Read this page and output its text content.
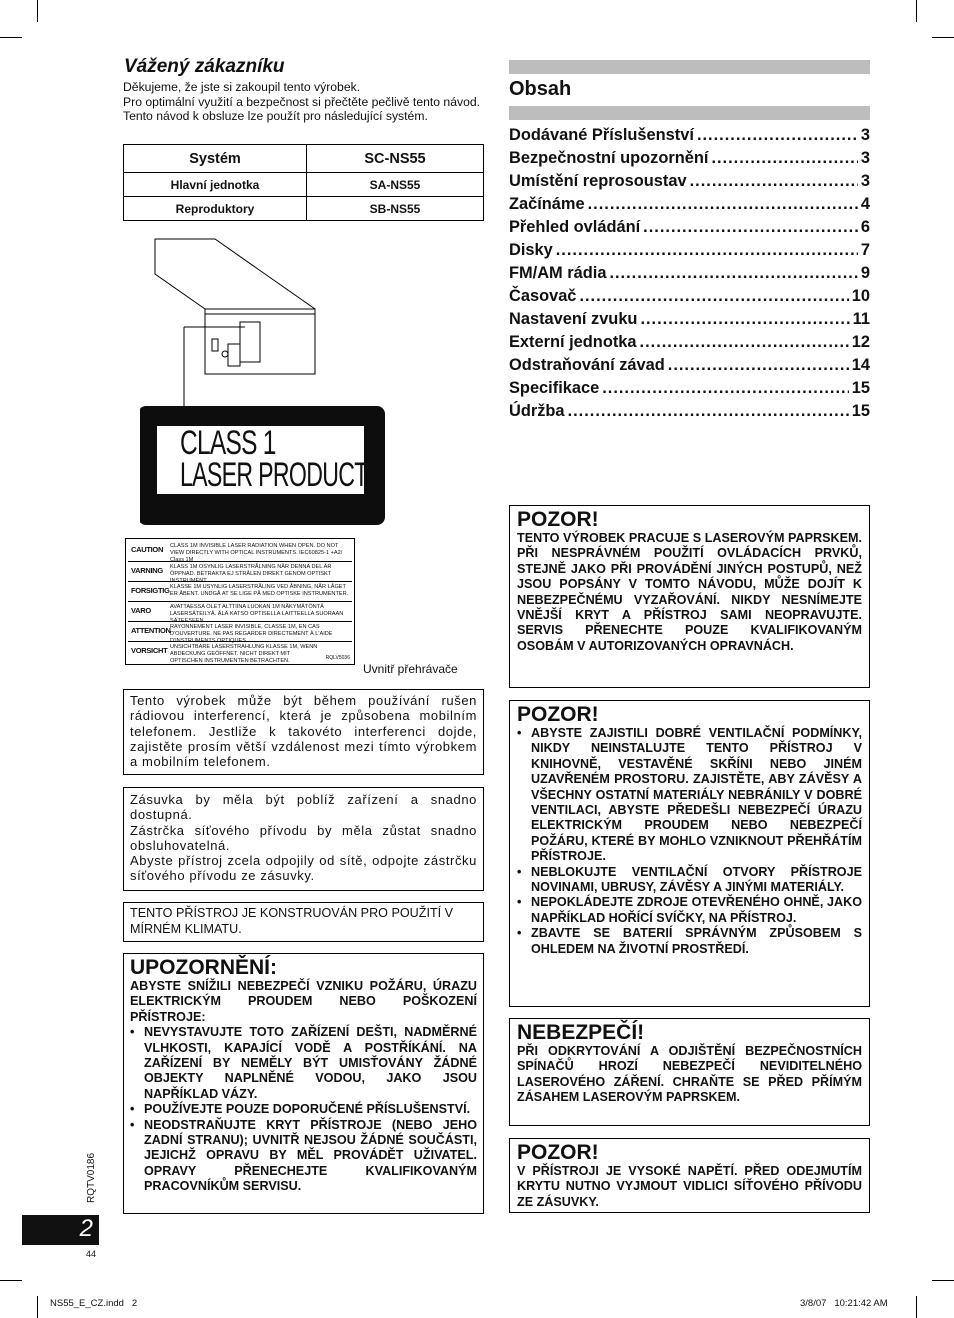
Vážený zákazníku

Děkujeme, že jste si zakoupil tento výrobek.

Pro optimální využití a bezpečnost si přečtěte pečlivě tento návod.

Tento návod k obsluze lze použít pro následující systém.

Systém	SC-NS55
Hlavní jednotka	SA-NS55
Reproduktory	SB-NS55
CLASS 1
LASER PRODUCT
CAUTION CLASS 1M INVISIBLE LASER RADIATION WHEN OPEN. DO NOT VIEW DIRECTLY WITH OPTICAL INSTRUMENTS. IEC60825-1 +A2/ Class 1M
VARNING KLASS 1M OSYNLIG LASERSTRÅLNING NÄR DENNA DEL ÄR ÖPPNAD. BETRAKTA EJ STRÅLEN DIREKT GENOM OPTISKT INSTRUMENT.
FORSIGTIG KLASSE 1M USYNLIG LASERSTRÅLING VED ÅBNING, NÅR LÅGET ER ÅBENT. UNDGÅ AT SE LIGE PÅ MED OPTISKE INSTRUMENTER.
VARO	AVATTAESSA OLET ALTTIINA LUOKAN 1M NÄKYMÄTÖNTÄ LASERSÄTEILYÄ. ÄLÄ KATSO OPTISELLA LAITTEELLA SUORAAN SÄTEESEEN.
ATTENTION RAYONNEMENT LASER INVISIBLE, CLASSE 1M, EN CAS D'OUVERTURE. NE PAS REGARDER DIRECTEMENT À L'AIDE D'INSTRUMENTS OPTIQUES.
VORSICHT UNSICHTBARE LASERSTRAHLUNG KLASSE 1M, WENN ABDECKUNG GEÖFFNET. NICHT DIREKT MIT OPTISCHEN INSTRUMENTEN BETRACHTEN.	RQLV5036
Uvnitř přehrávače

Tento výrobek může být během používání rušen rádiovou interferencí, která je způsobena mobilním telefonem. Jestliže k takovéto interferenci dojde, zajistěte prosím větší vzdálenost mezi tímto výrobkem a mobilním telefonem.

Zásuvka by měla být poblíž zařízení a snadno dostupná.

Zástrčka síťového přívodu by měla zůstat snadno obsluhovatelná.

Abyste přístroj zcela odpojily od sítě, odpojte zástrčku síťového přívodu ze zásuvky.

TENTO PŘÍSTROJ JE KONSTRUOVÁN PRO POUŽITÍ V MÍRNÉM KLIMATU.

UPOZORNĚNÍ:

ABYSTE SNÍŽILI NEBEZPEČÍ VZNIKU POŽÁRU, ÚRAZU ELEKTRICKÝM PROUDEM NEBO POŠKOZENÍ PŘÍSTROJE:

• NEVYSTAVUJTE TOTO ZAŘÍZENÍ DEŠTI, NADMĚRNÉ VLHKOSTI, KAPAJÍCÍ VODĚ A POSTŘÍKÁNÍ. NA ZAŘÍZENÍ BY NEMĚLY BÝT UMISŤOVÁNY ŽÁDNÉ OBJEKTY NAPLNĚNÉ VODOU, JAKO JSOU NAPŘÍKLAD VÁZY.
• POUŽÍVEJTE POUZE DOPORUČENÉ PŘÍSLUŠENSTVÍ.
• NEODSTRAŇUJTE KRYT PŘÍSTROJE (NEBO JEHO ZADNÍ STRANU); UVNITŘ NEJSOU ŽÁDNÉ SOUČÁSTI, JEJICHŽ OPRAVU BY MĚL PROVÁDĚT UŽIVATEL. OPRAVY PŘENECHEJTE KVALIFIKOVANÝM PRACOVNÍKŮM SERVISU.
Obsah
Dodávané Příslušenství .....	3
Bezpečnostní upozornění .....	3
Umístění reprosoustav .....	3
Začínáme .....	4
Přehled ovládání .....	6
Disky .....	7
FM/AM rádia .....	9
Časovač .....	10
Nastavení zvuku .....	11
Externí jednotka .....	12
Odstraňování závad .....	14
Specifikace .....	15
Údržba .....	15
POZOR!

TENTO VÝROBEK PRACUJE S LASEROVÝM PAPRSKEM. PŘI NESPRÁVNÉM POUŽITÍ OVLÁDACÍCH PRVKŮ, STEJNĚ JAKO PŘI PROVÁDĚNÍ JINÝCH POSTUPŮ, NEŽ JSOU POPSÁNY V TOMTO NÁVODU, MŮŽE DOJÍT K NEBEZPEČNÉMU VYZAŘOVÁNÍ. NIKDY NESNÍMEJTE VNĚJŠÍ KRYT A PŘÍSTROJ SAMI NEOPRAVUJTE. SERVIS PŘENECHTE POUZE KVALIFIKOVANÝM OSOBÁM V AUTORIZOVANÝCH OPRAVNÁCH.

POZOR!
• ABYSTE ZAJISTILI DOBRÉ VENTILAČNÍ PODMÍNKY, NIKDY NEINSTALUJTE TENTO PŘÍSTROJ V KNIHOVNĚ, VESTAVĚNÉ SKŘÍNI NEBO JINÉM UZAVŘENÉM PROSTORU. ZAJISTĚTE, ABY ZÁVĚSY A VŠECHNY OSTATNÍ MATERIÁLY NEBRÁNILY V DOBRÉ VENTILACI, ABYSTE PŘEDEŠLI NEBEZPEČÍ ÚRAZU ELEKTRICKÝM PROUDEM NEBO NEBEZPEČÍ POŽÁRU, KTERÉ BY MOHLO VZNIKNOUT PŘEHŘÁTÍM PŘÍSTROJE.
• NEBLOKUJTE VENTILAČNÍ OTVORY PŘÍSTROJE NOVINAMI, UBRUSY, ZÁVĚSY A JINÝMI MATERIÁLY.
• NEPOKLÁDEJTE ZDROJE OTEVŘENÉHO OHNĚ, JAKO NAPŘÍKLAD HOŘÍCÍ SVÍČKY, NA PŘÍSTROJ.
• ZBAVTE SE BATERIÍ SPRÁVNÝM ZPŮSOBEM S OHLEDEM NA ŽIVOTNÍ PROSTŘEDÍ.
NEBEZPEČÍ!

PŘI ODKRYTOVÁNÍ A ODJIŠTĚNÍ BEZPEČNOSTNÍCH SPÍNAČŮ HROZÍ NEBEZPEČÍ NEVIDITELNÉHO LASEROVÉHO ZÁŘENÍ. CHRAŇTE SE PŘED PŘÍMÝM ZÁSAHEM LASEROVÝM PAPRSKEM.

POZOR!

V PŘÍSTROJI JE VYSOKÉ NAPĚTÍ. PŘED ODEJMUTÍM KRYTU NUTNO VYJMOUT VIDLICI SÍŤOVÉHO PŘÍVODU ZE ZÁSUVKY.

RQTV0186
2
44
NS55_E_CZ.indd   2	3/8/07   10:21:42 AM
